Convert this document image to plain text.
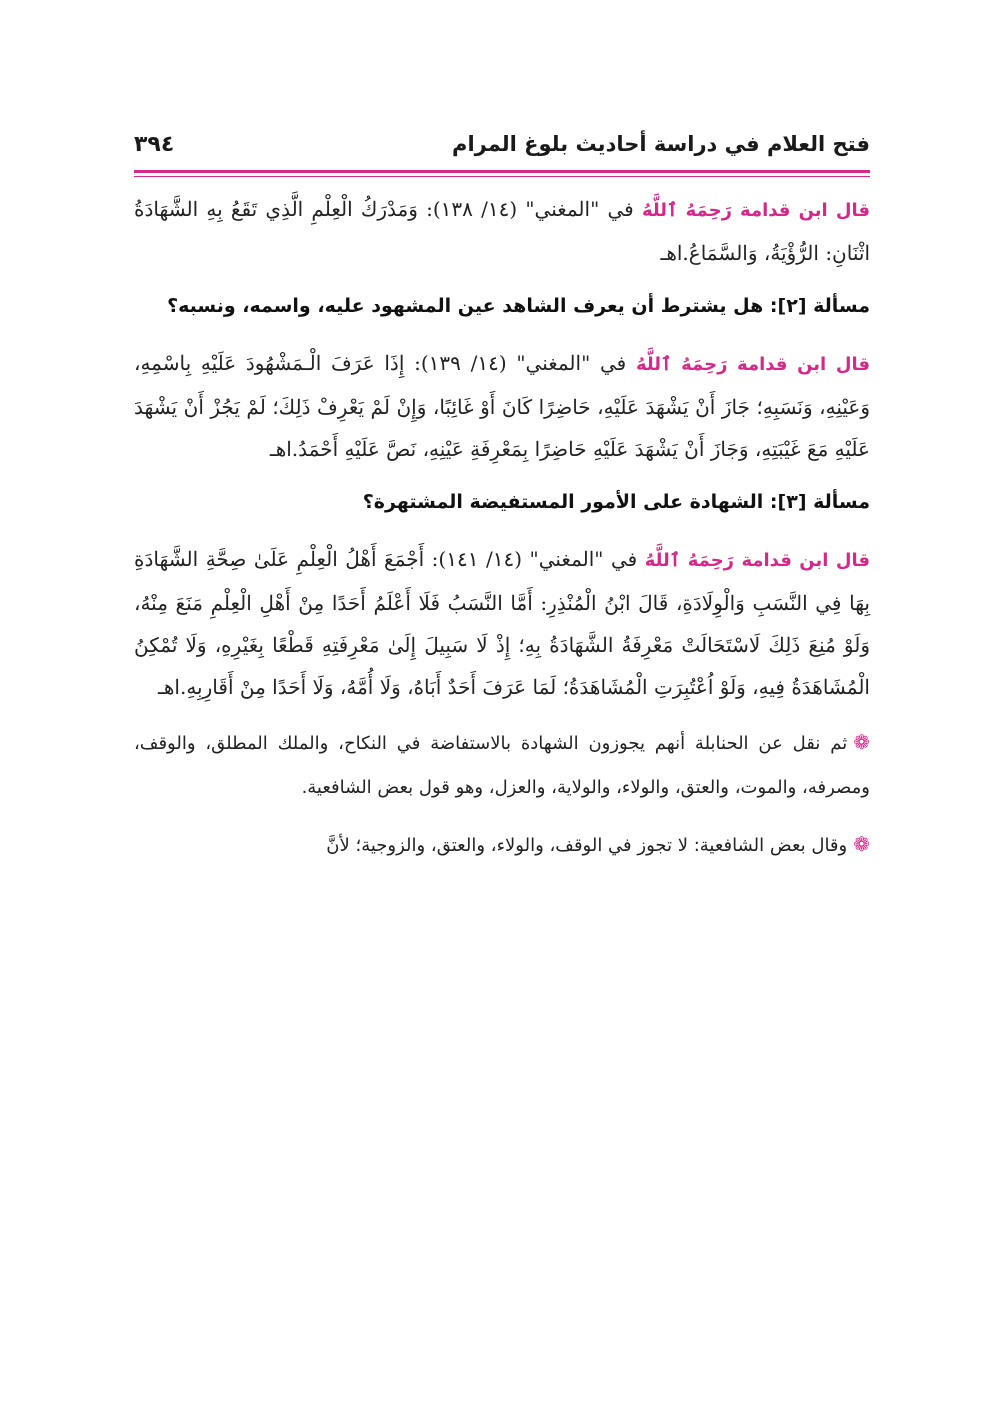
فتح العلام في دراسة أحاديث بلوغ المرام
٣٩٤

قال ابن قدامة رَحِمَهُ ٱللَّهُ في "المغني" (١٤/ ١٣٨): وَمَدْرَكُ الْعِلْمِ الَّذِي تَقَعُ بِهِ الشَّهَادَةُ اثْنَانِ: الرُّؤْيَةُ، وَالسَّمَاعُ.اهـ

مسألة [٢]: هل يشترط أن يعرف الشاهد عين المشهود عليه، واسمه، ونسبه؟

قال ابن قدامة رَحِمَهُ ٱللَّهُ في "المغني" (١٤/ ١٣٩): إِذَا عَرَفَ الْـمَشْهُودَ عَلَيْهِ بِاسْمِهِ، وَعَيْنِهِ، وَنَسَبِهِ؛ جَازَ أَنْ يَشْهَدَ عَلَيْهِ، حَاضِرًا كَانَ أَوْ غَائِبًا، وَإِنْ لَمْ يَعْرِفْ ذَلِكَ؛ لَمْ يَجُزْ أَنْ يَشْهَدَ عَلَيْهِ مَعَ غَيْبَتِهِ، وَجَازَ أَنْ يَشْهَدَ عَلَيْهِ حَاضِرًا بِمَعْرِفَةِ عَيْنِهِ، نَصَّ عَلَيْهِ أَحْمَدُ.اهـ

مسألة [٣]: الشهادة على الأمور المستفيضة المشتهرة؟

قال ابن قدامة رَحِمَهُ ٱللَّهُ في "المغني" (١٤/ ١٤١): أَجْمَعَ أَهْلُ الْعِلْمِ عَلَىٰ صِحَّةِ الشَّهَادَةِ بِهَا فِي النَّسَبِ وَالْوِلَادَةِ، قَالَ ابْنُ الْمُنْذِرِ: أَمَّا النَّسَبُ فَلَا أَعْلَمُ أَحَدًا مِنْ أَهْلِ الْعِلْمِ مَنَعَ مِنْهُ، وَلَوْ مُنِعَ ذَلِكَ لَاسْتَحَالَتْ مَعْرِفَةُ الشَّهَادَةُ بِهِ؛ إِذْ لَا سَبِيلَ إِلَىٰ مَعْرِفَتِهِ قَطْعًا بِغَيْرِهِ، وَلَا تُمْكِنُ الْمُشَاهَدَةُ فِيهِ، وَلَوْ اُعْتُبِرَتِ الْمُشَاهَدَةُ؛ لَمَا عَرَفَ أَحَدٌ أَبَاهُ، وَلَا أُمَّهُ، وَلَا أَحَدًا مِنْ أَقَارِبِهِ.اهـ

❁ثم نقل عن الحنابلة أنهم يجوزون الشهادة بالاستفاضة في النكاح، والملك المطلق، والوقف، ومصرفه، والموت، والعتق، والولاء، والولاية، والعزل، وهو قول بعض الشافعية.

❁وقال بعض الشافعية: لا تجوز في الوقف، والولاء، والعتق، والزوجية؛ لأنَّ
